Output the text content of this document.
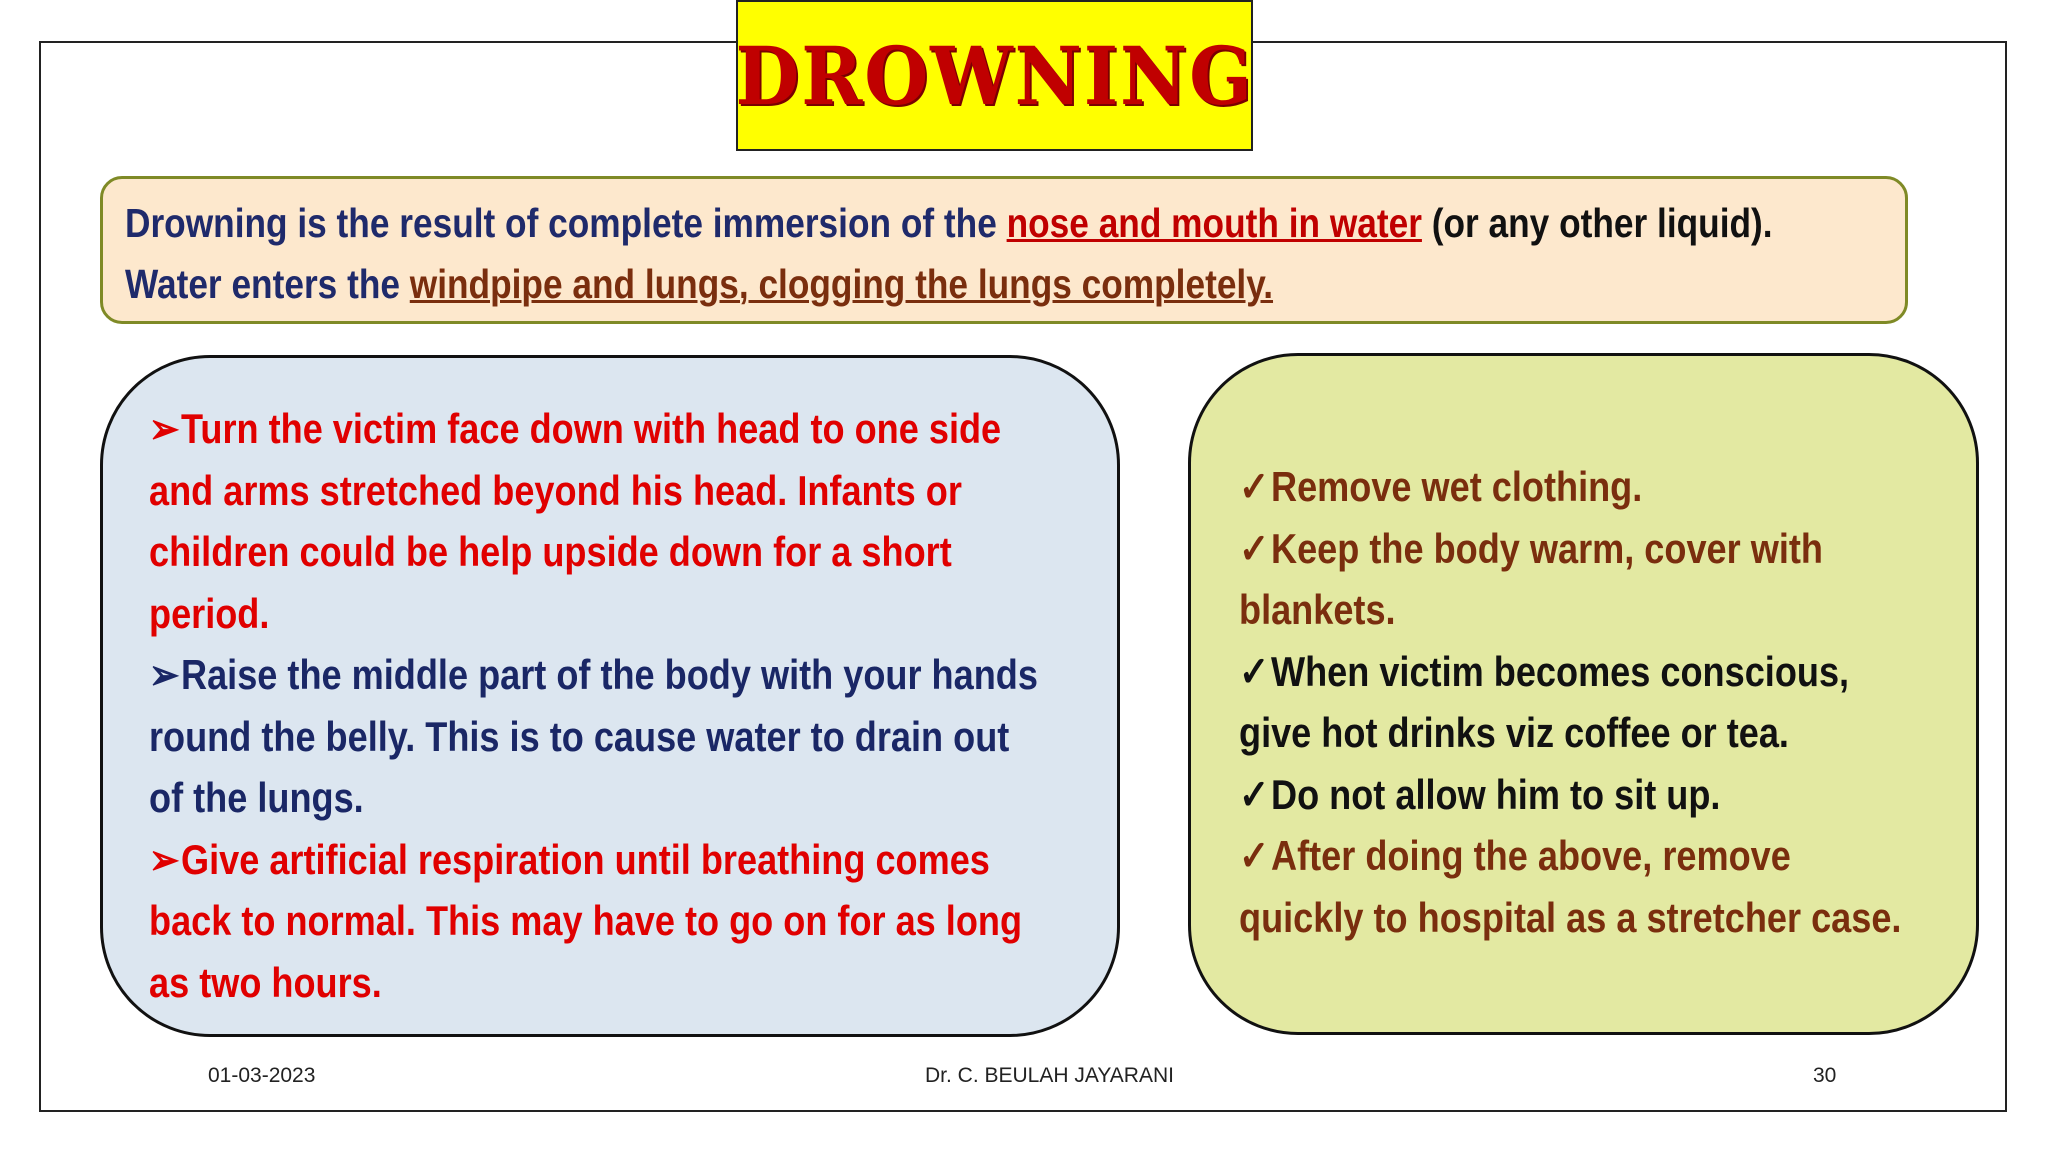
DROWNING
Drowning is the result of complete immersion of the nose and mouth in water (or any other liquid).
Water enters the windpipe and lungs, clogging the lungs completely.
➢Turn the victim face down with head to one side
and arms stretched beyond his head. Infants or
children could be help upside down for a short
period.
➢Raise the middle part of the body with your hands
round the belly. This is to cause water to drain out
of the lungs.
➢Give artificial respiration until breathing comes
back to normal. This may have to go on for as long
as two hours.
✓Remove wet clothing.
✓Keep the body warm, cover with
blankets.
✓When victim becomes conscious,
give hot drinks viz coffee or tea.
✓Do not allow him to sit up.
✓After doing the above, remove
quickly to hospital as a stretcher case.
01-03-2023	Dr. C. BEULAH JAYARANI	30
